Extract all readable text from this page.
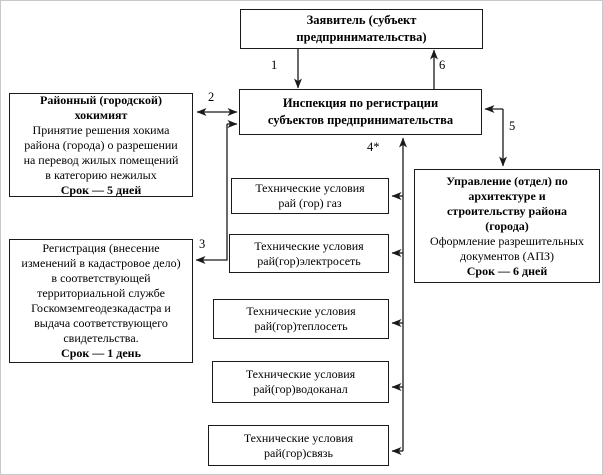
Заявитель (субъект
предпринимательства)
Инспекция по регистрации
субъектов предпринимательства
Районный (городской)
хокимият
Принятие решения хокима
района (города) о разрешении
на перевод жилых помещений
в категорию нежилых
Срок — 5 дней
Регистрация (внесение
изменений в кадастровое дело)
в соответствующей
территориальной службе
Госкомземгеодезкадастра и
выдача соответствующего
свидетельства.
Срок — 1 день
Управление (отдел) по
архитектуре и
строительству района
(города)
Оформление разрешительных
документов (АПЗ)
Срок — 6 дней
Технические условия
рай (гор) газ
Технические условия
рай(гор)электросеть
Технические условия
рай(гор)теплосеть
Технические условия
рай(гор)водоканал
Технические условия
рай(гор)связь
1
2
3
4*
5
6
